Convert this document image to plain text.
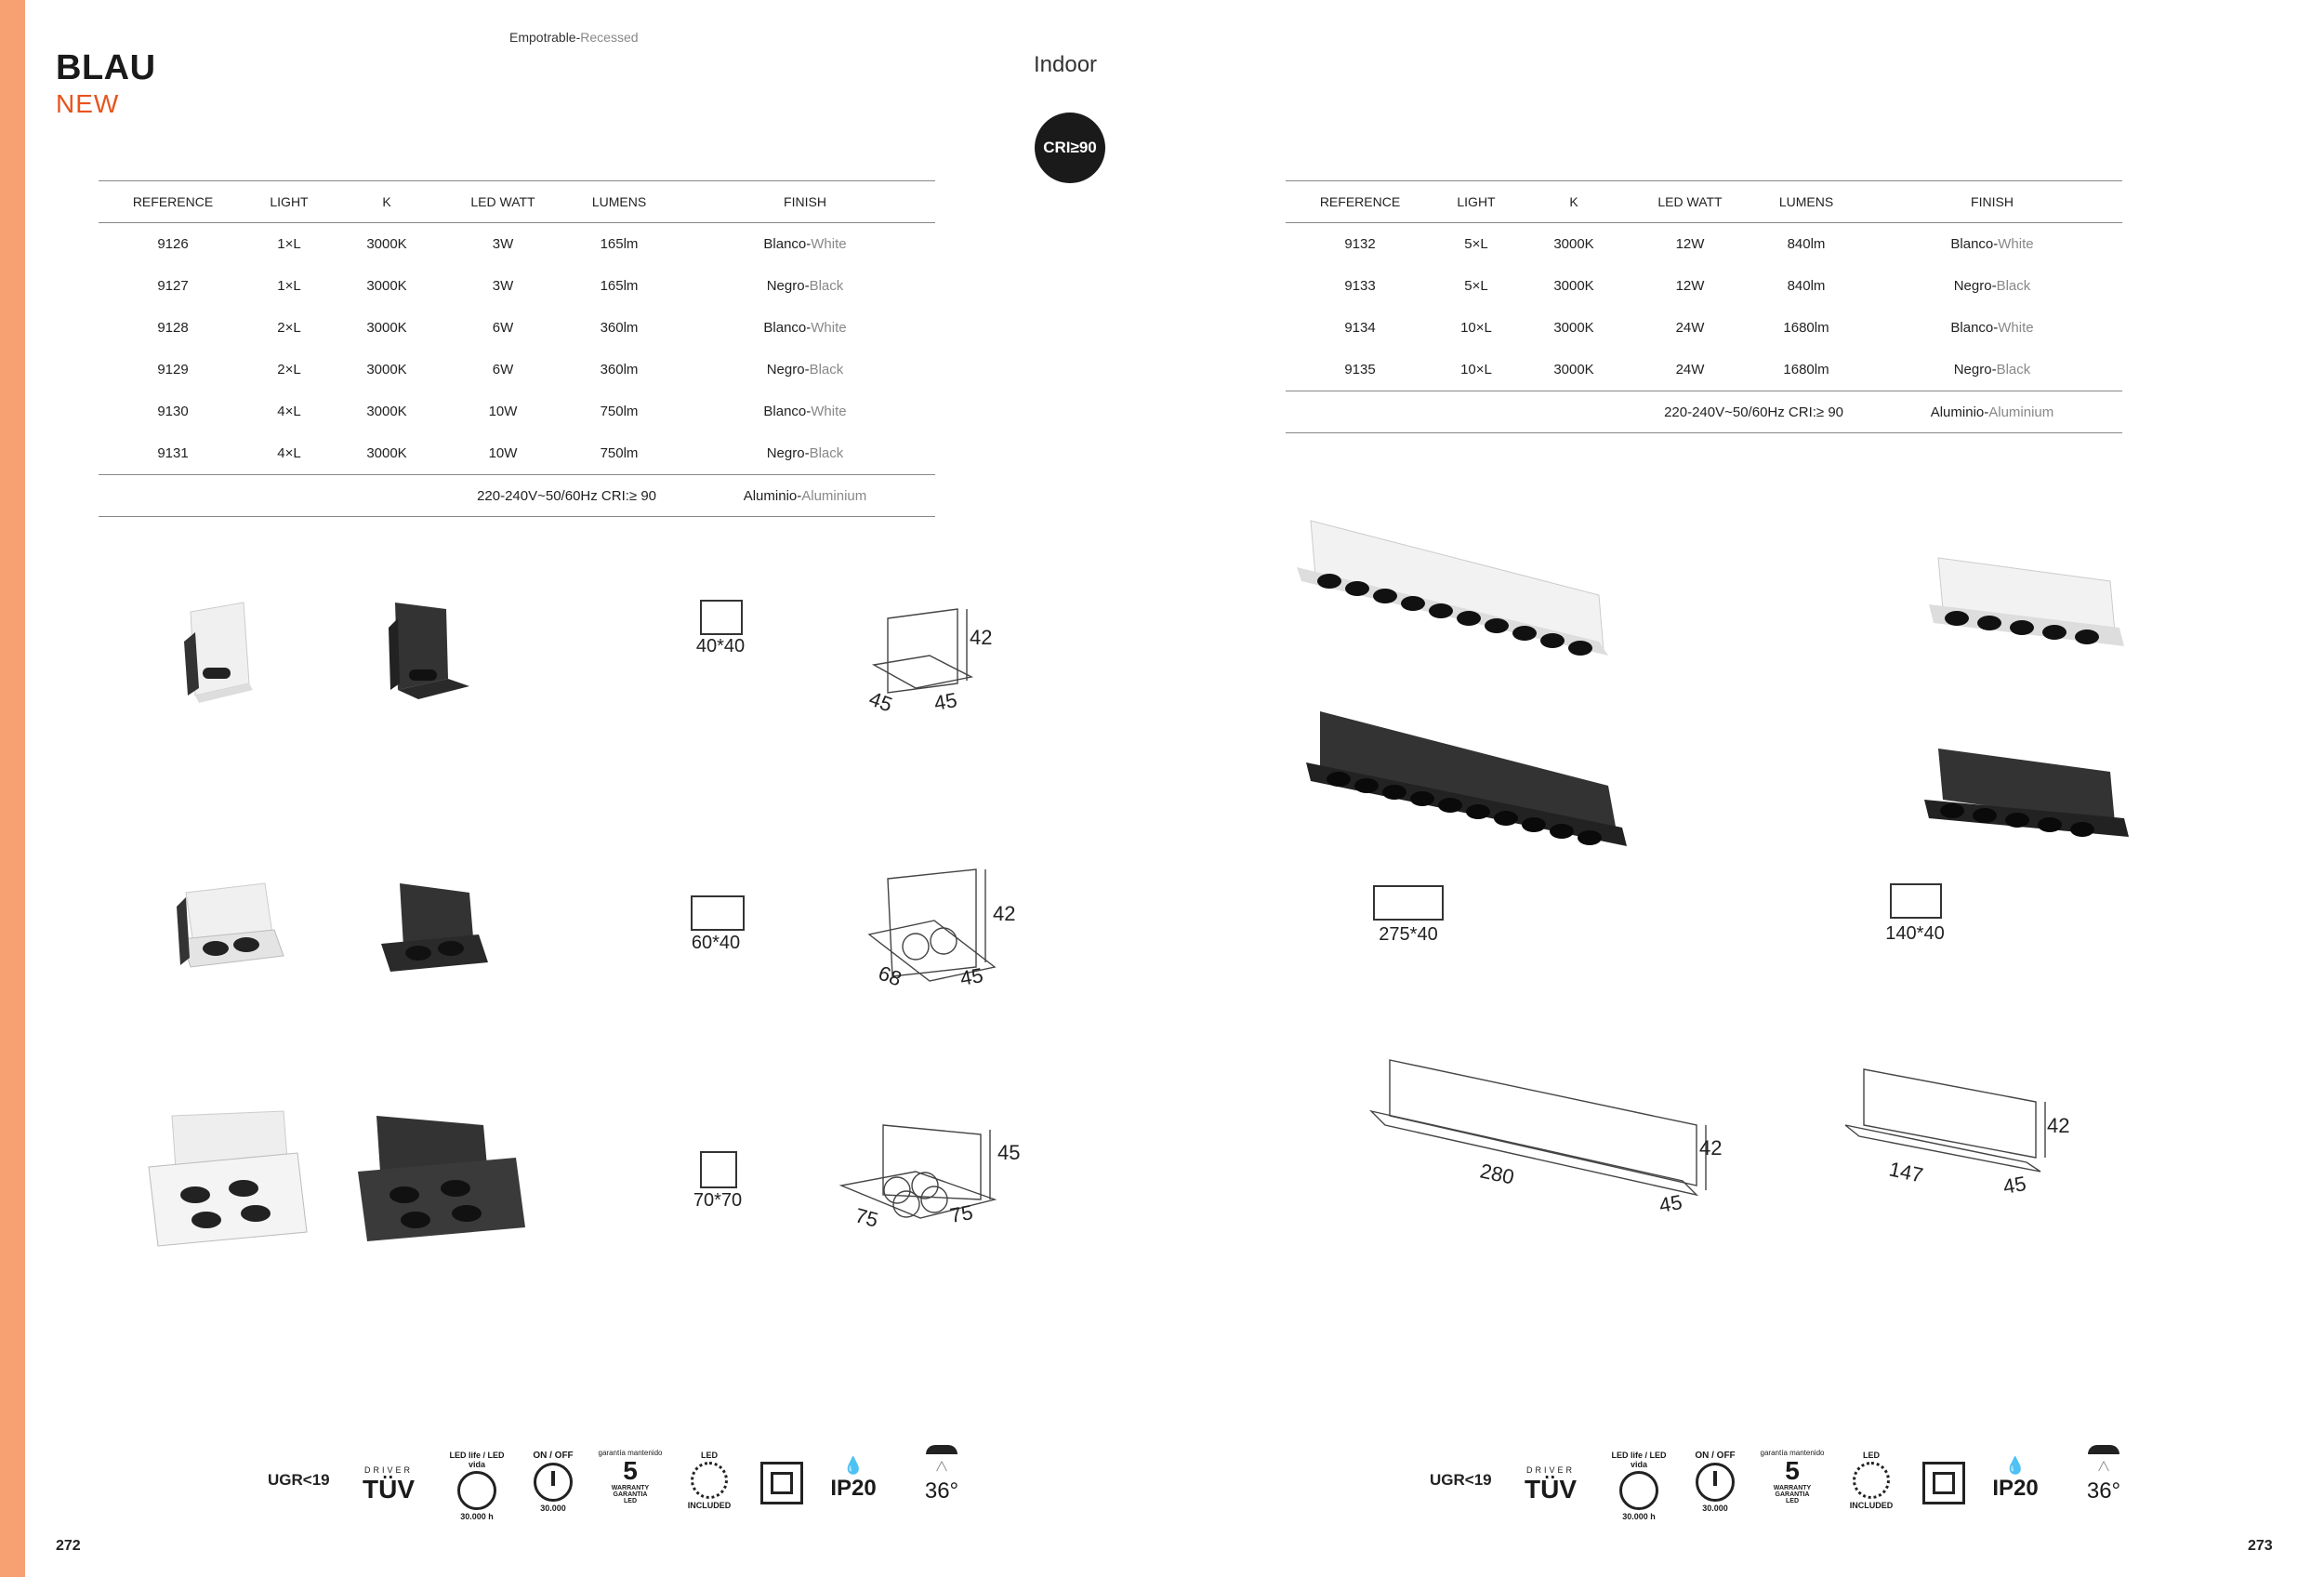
BLAU
NEW
Empotrable-Recessed
Indoor
CRI≥90
REFERENCE	LIGHT	K	LED WATT	LUMENS	FINISH
9126	1×L	3000K	3W	165lm	Blanco-White
9127	1×L	3000K	3W	165lm	Negro-Black
9128	2×L	3000K	6W	360lm	Blanco-White
9129	2×L	3000K	6W	360lm	Negro-Black
9130	4×L	3000K	10W	750lm	Blanco-White
9131	4×L	3000K	10W	750lm	Negro-Black
220-240V~50/60Hz CRI:≥ 90					Aluminio-Aluminium
REFERENCE	LIGHT	K	LED WATT	LUMENS	FINISH
9132	5×L	3000K	12W	840lm	Blanco-White
9133	5×L	3000K	12W	840lm	Negro-Black
9134	10×L	3000K	24W	1680lm	Blanco-White
9135	10×L	3000K	24W	1680lm	Negro-Black
220-240V~50/60Hz CRI:≥ 90					Aluminio-Aluminium
40*40
60*40
70*70
275*40	140*40
42
45 45
42
68	45
45
75	75
42
280
45
42
147	45
UGR<19
DRIVER
TÜV
LED life / LED vida
30.000 h
ON / OFF
30.000
garantía mantenido
5
WARRANTY
GARANTIA
LED
LED
INCLUDED
💧
IP20
╱╲
36°	UGR<19
DRIVER
TÜV
LED life / LED vida
30.000 h
ON / OFF
30.000
garantía mantenido
5
WARRANTY
GARANTIA
LED
LED
INCLUDED
💧
IP20
╱╲
36°
272	273
